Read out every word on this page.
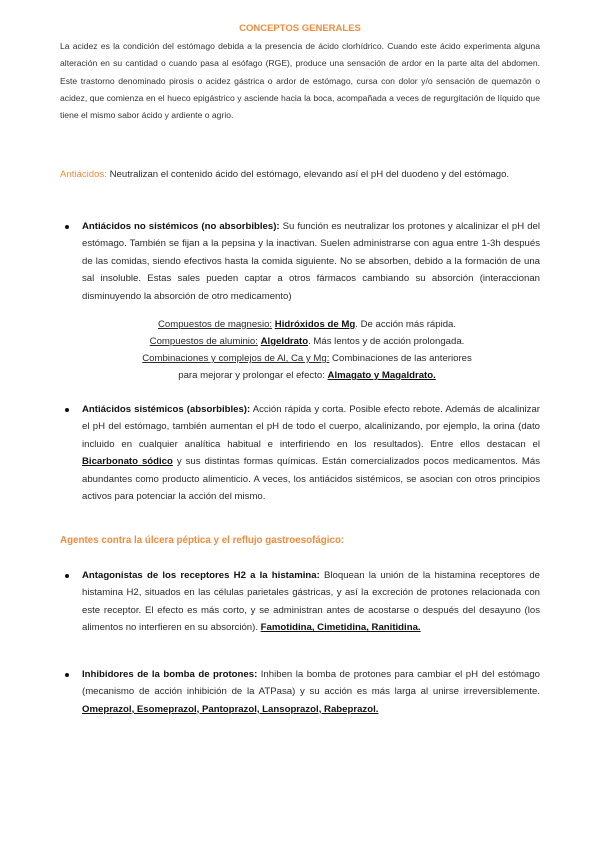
CONCEPTOS GENERALES
La acidez es la condición del estómago debida a la presencia de ácido clorhídrico. Cuando este ácido experimenta alguna alteración en su cantidad o cuando pasa al esófago (RGE), produce una sensación de ardor en la parte alta del abdomen. Este trastorno denominado pirosis o acidez gástrica o ardor de estómago, cursa con dolor y/o sensación de quemazón o acidez, que comienza en el hueco epigástrico y asciende hacia la boca, acompañada a veces de regurgitación de líquido que tiene el mismo sabor ácido y ardiente o agrio.
Antiácidos: Neutralizan el contenido ácido del estómago, elevando así el pH del duodeno y del estómago.
Antiácidos no sistémicos (no absorbibles): Su función es neutralizar los protones y alcalinizar el pH del estómago. También se fijan a la pepsina y la inactivan. Suelen administrarse con agua entre 1-3h después de las comidas, siendo efectivos hasta la comida siguiente. No se absorben, debido a la formación de una sal insoluble. Estas sales pueden captar a otros fármacos cambiando su absorción (interaccionan disminuyendo la absorción de otro medicamento)
Compuestos de magnesio: Hidróxidos de Mg. De acción más rápida.
Compuestos de aluminio: Algeldrato. Más lentos y de acción prolongada.
Combinaciones y complejos de Al, Ca y Mg: Combinaciones de las anteriores
para mejorar y prolongar el efecto: Almagato y Magaldrato.
Antiácidos sistémicos (absorbibles): Acción rápida y corta. Posible efecto rebote. Además de alcalinizar el pH del estómago, también aumentan el pH de todo el cuerpo, alcalinizando, por ejemplo, la orina (dato incluido en cualquier analítica habitual e interfiriendo en los resultados). Entre ellos destacan el Bicarbonato sódico y sus distintas formas químicas. Están comercializados pocos medicamentos. Más abundantes como producto alimenticio. A veces, los antiácidos sistémicos, se asocian con otros principios activos para potenciar la acción del mismo.
Agentes contra la úlcera péptica y el reflujo gastroesofágico:
Antagonistas de los receptores H2 a la histamina: Bloquean la unión de la histamina receptores de histamina H2, situados en las células parietales gástricas, y así la excreción de protones relacionada con este receptor. El efecto es más corto, y se administran antes de acostarse o después del desayuno (los alimentos no interfieren en su absorción). Famotidina, Cimetidina, Ranitidina.
Inhibidores de la bomba de protones: Inhiben la bomba de protones para cambiar el pH del estómago (mecanismo de acción inhibición de la ATPasa) y su acción es más larga al unirse irreversiblemente. Omeprazol, Esomeprazol, Pantoprazol, Lansoprazol, Rabeprazol.
